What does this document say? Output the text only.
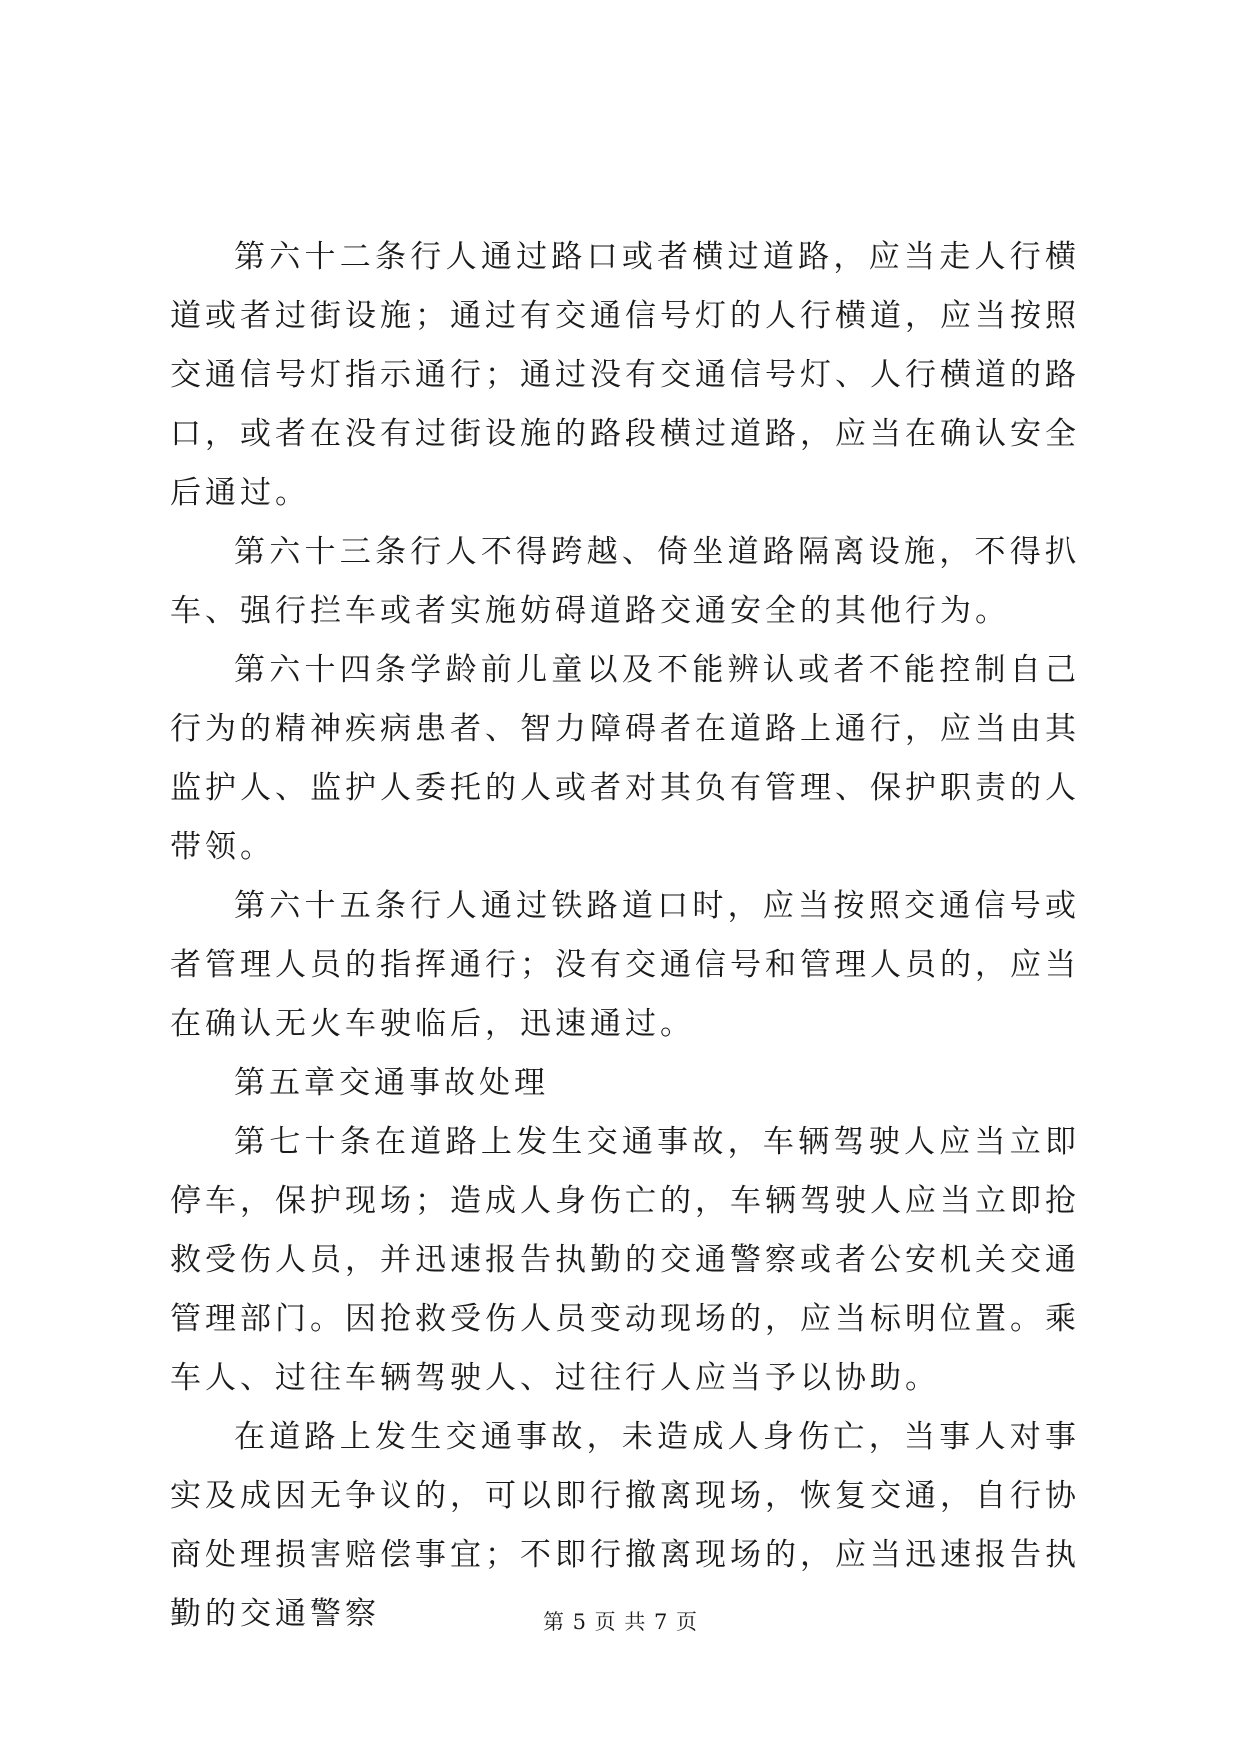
第六十二条行人通过路口或者横过道路，应当走人行横道或者过街设施；通过有交通信号灯的人行横道，应当按照交通信号灯指示通行；通过没有交通信号灯、人行横道的路口，或者在没有过街设施的路段横过道路，应当在确认安全后通过。

第六十三条行人不得跨越、倚坐道路隔离设施，不得扒车、强行拦车或者实施妨碍道路交通安全的其他行为。

第六十四条学龄前儿童以及不能辨认或者不能控制自己行为的精神疾病患者、智力障碍者在道路上通行，应当由其监护人、监护人委托的人或者对其负有管理、保护职责的人带领。

第六十五条行人通过铁路道口时，应当按照交通信号或者管理人员的指挥通行；没有交通信号和管理人员的，应当在确认无火车驶临后，迅速通过。

第五章交通事故处理

第七十条在道路上发生交通事故，车辆驾驶人应当立即停车，保护现场；造成人身伤亡的，车辆驾驶人应当立即抢救受伤人员，并迅速报告执勤的交通警察或者公安机关交通管理部门。因抢救受伤人员变动现场的，应当标明位置。乘车人、过往车辆驾驶人、过往行人应当予以协助。

在道路上发生交通事故，未造成人身伤亡，当事人对事实及成因无争议的，可以即行撤离现场，恢复交通，自行协商处理损害赔偿事宜；不即行撤离现场的，应当迅速报告执勤的交通警察	第 5 页 共 7 页
